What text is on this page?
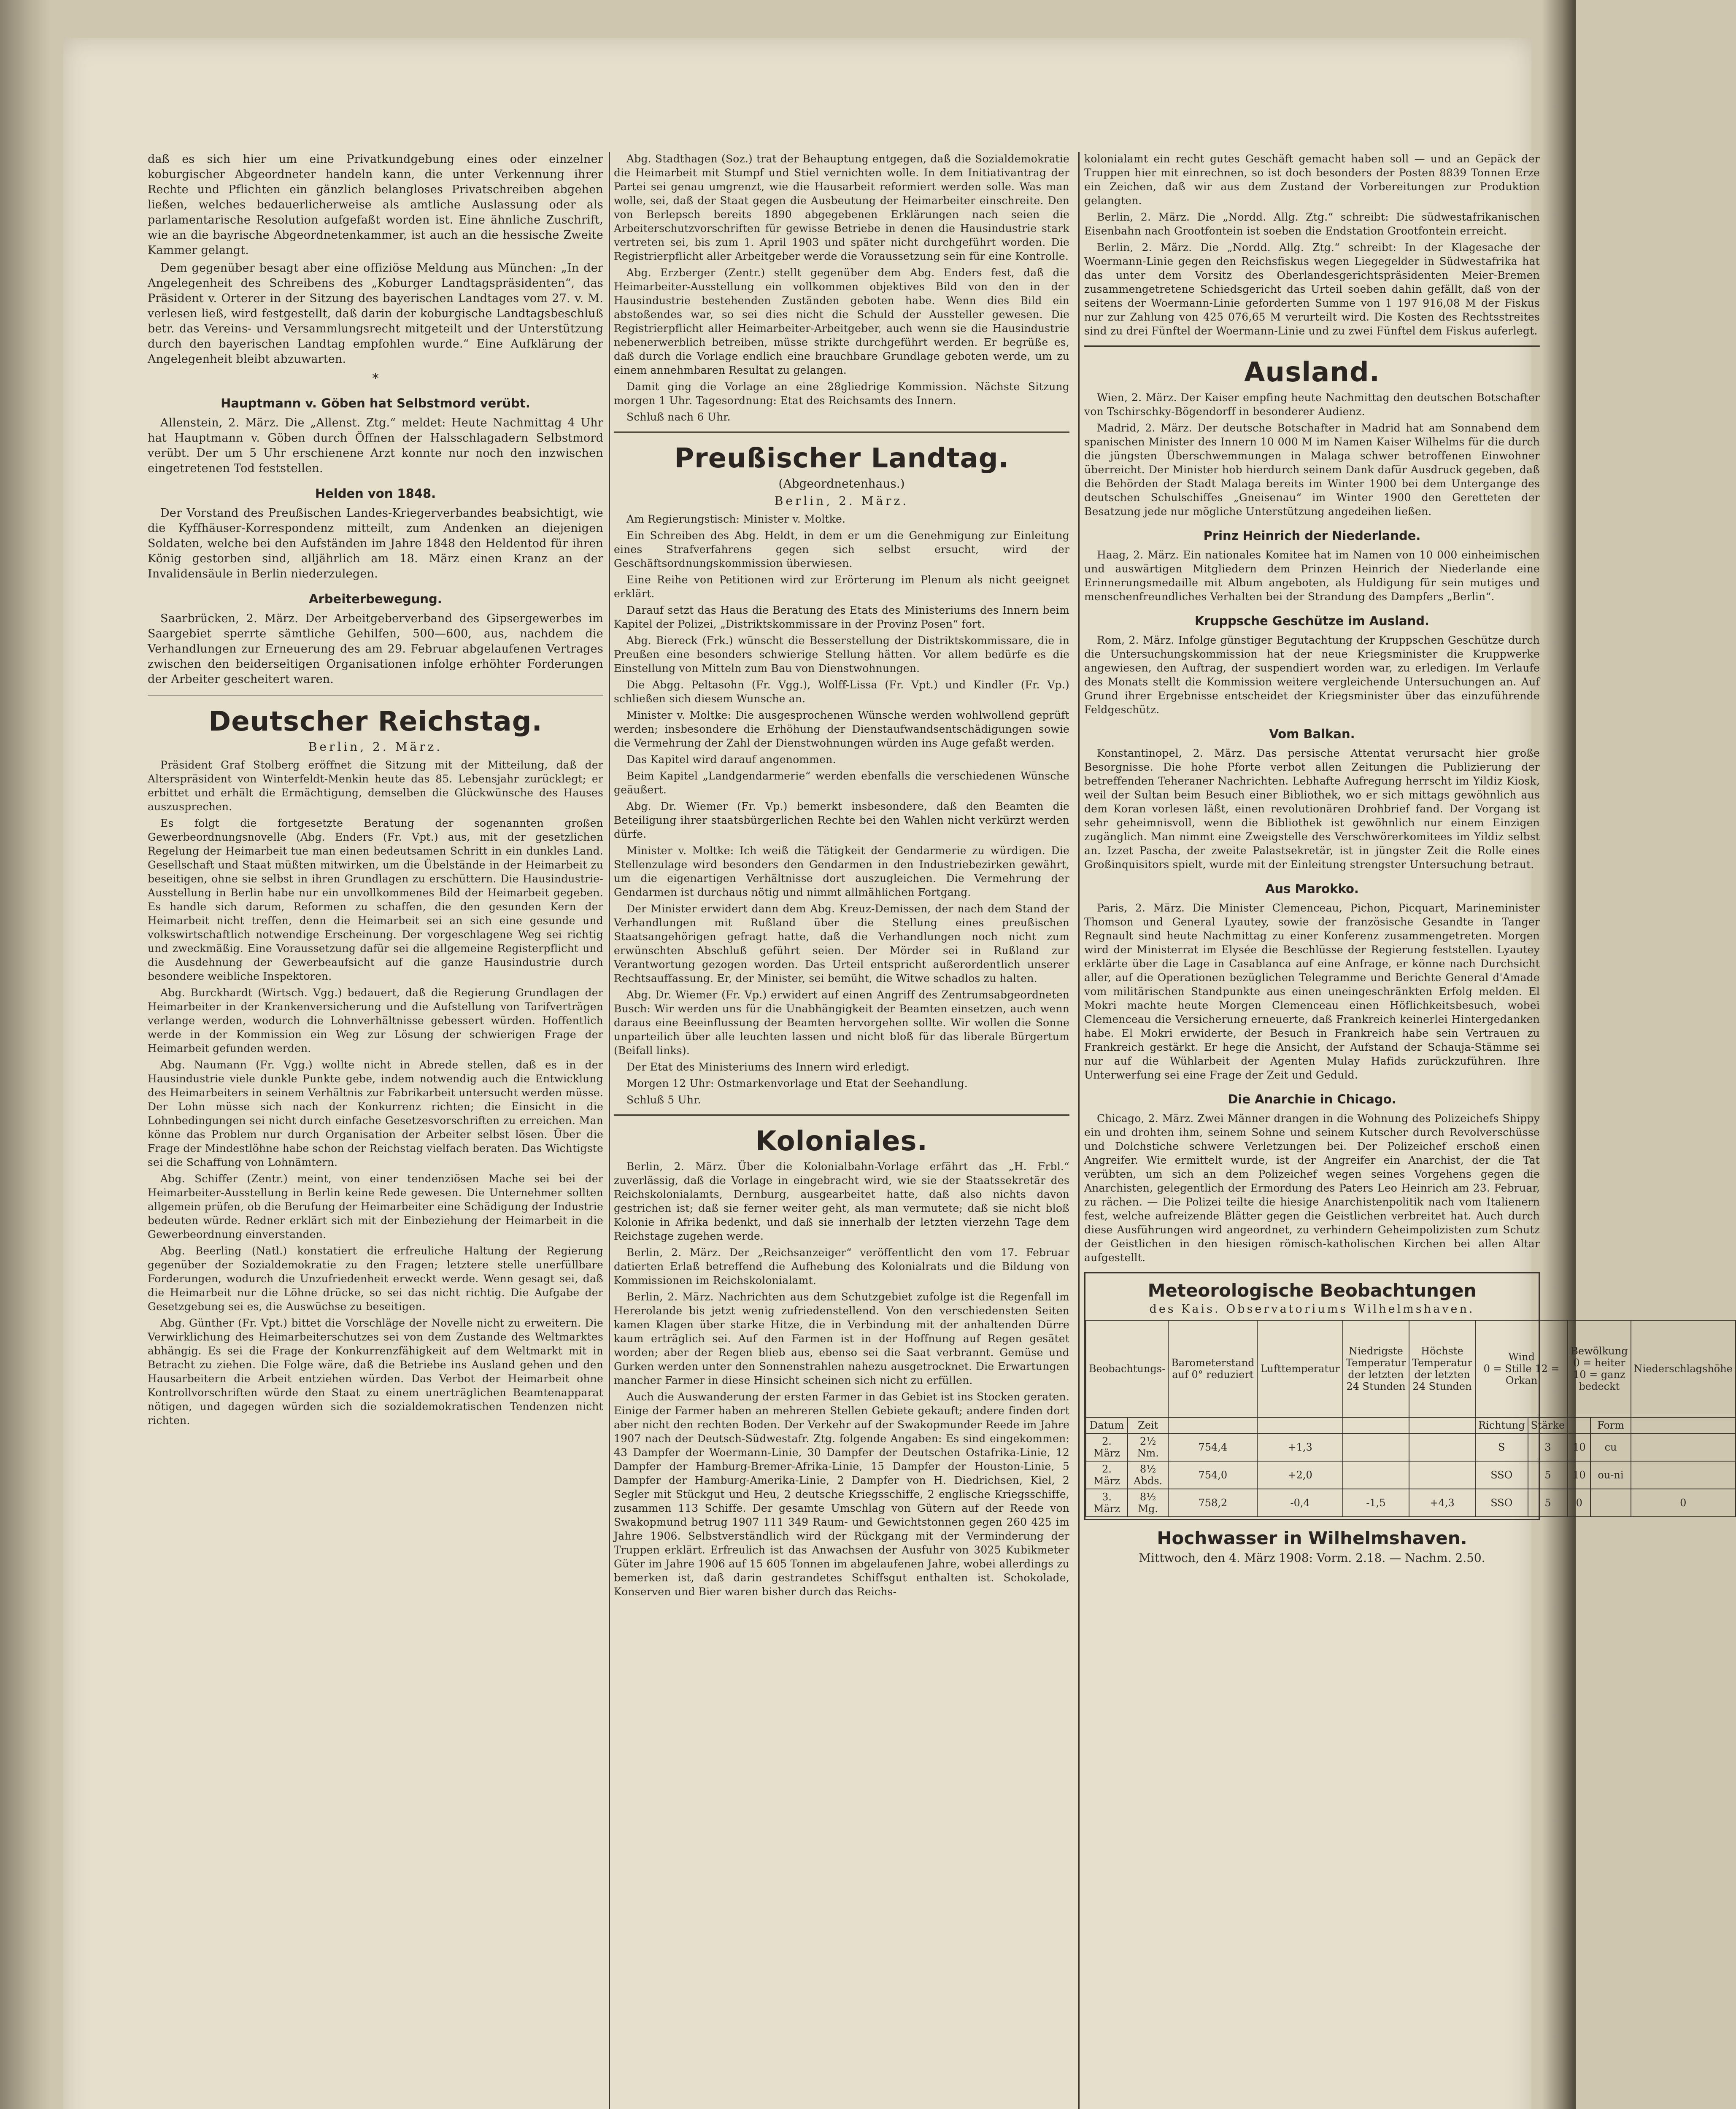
daß es sich hier um eine Privatkundgebung eines oder einzelner koburgischer Abgeordneter handeln kann, die unter Verkennung ihrer Rechte und Pflichten ein gänzlich belangloses Privatschreiben abgehen ließen, welches bedauerlicherweise als amtliche Auslassung oder als parlamentarische Resolution aufgefaßt worden ist. Eine ähnliche Zuschrift, wie an die bayrische Abgeordnetenkammer, ist auch an die hessische Zweite Kammer gelangt.

Dem gegenüber besagt aber eine offiziöse Meldung aus München: „In der Angelegenheit des Schreibens des „Koburger Landtagspräsidenten“, das Präsident v. Orterer in der Sitzung des bayerischen Landtages vom 27. v. M. verlesen ließ, wird festgestellt, daß darin der koburgische Landtagsbeschluß betr. das Vereins- und Versammlungsrecht mitgeteilt und der Unterstützung durch den bayerischen Landtag empfohlen wurde.“ Eine Aufklärung der Angelegenheit bleibt abzuwarten.

*
Hauptmann v. Göben hat Selbstmord verübt.

Allenstein, 2. März. Die „Allenst. Ztg.“ meldet: Heute Nachmittag 4 Uhr hat Hauptmann v. Göben durch Öffnen der Halsschlagadern Selbstmord verübt. Der um 5 Uhr erschienene Arzt konnte nur noch den inzwischen eingetretenen Tod feststellen.

Helden von 1848.

Der Vorstand des Preußischen Landes-Kriegerverbandes beabsichtigt, wie die Kyffhäuser-Korrespondenz mitteilt, zum Andenken an diejenigen Soldaten, welche bei den Aufständen im Jahre 1848 den Heldentod für ihren König gestorben sind, alljährlich am 18. März einen Kranz an der Invalidensäule in Berlin niederzulegen.

Arbeiterbewegung.

Saarbrücken, 2. März. Der Arbeitgeberverband des Gipsergewerbes im Saargebiet sperrte sämtliche Gehilfen, 500—600, aus, nachdem die Verhandlungen zur Erneuerung des am 29. Februar abgelaufenen Vertrages zwischen den beiderseitigen Organisationen infolge erhöhter Forderungen der Arbeiter gescheitert waren.

Deutscher Reichstag.
Berlin, 2. März.

Präsident Graf Stolberg eröffnet die Sitzung mit der Mitteilung, daß der Alterspräsident von Winterfeldt-Menkin heute das 85. Lebensjahr zurücklegt; er erbittet und erhält die Ermächtigung, demselben die Glückwünsche des Hauses auszusprechen.

Es folgt die fortgesetzte Beratung der sogenannten großen Gewerbeordnungsnovelle (Abg. Enders (Fr. Vpt.) aus, mit der gesetzlichen Regelung der Heimarbeit tue man einen bedeutsamen Schritt in ein dunkles Land. Gesellschaft und Staat müßten mitwirken, um die Übelstände in der Heimarbeit zu beseitigen, ohne sie selbst in ihren Grundlagen zu erschüttern. Die Hausindustrie-Ausstellung in Berlin habe nur ein unvollkommenes Bild der Heimarbeit gegeben. Es handle sich darum, Reformen zu schaffen, die den gesunden Kern der Heimarbeit nicht treffen, denn die Heimarbeit sei an sich eine gesunde und volkswirtschaftlich notwendige Erscheinung. Der vorgeschlagene Weg sei richtig und zweckmäßig. Eine Voraussetzung dafür sei die allgemeine Registerpflicht und die Ausdehnung der Gewerbeaufsicht auf die ganze Hausindustrie durch besondere weibliche Inspektoren.

Abg. Burckhardt (Wirtsch. Vgg.) bedauert, daß die Regierung Grundlagen der Heimarbeiter in der Krankenversicherung und die Aufstellung von Tarifverträgen verlange werden, wodurch die Lohnverhältnisse gebessert würden. Hoffentlich werde in der Kommission ein Weg zur Lösung der schwierigen Frage der Heimarbeit gefunden werden.

Abg. Naumann (Fr. Vgg.) wollte nicht in Abrede stellen, daß es in der Hausindustrie viele dunkle Punkte gebe, indem notwendig auch die Entwicklung des Heimarbeiters in seinem Verhältnis zur Fabrikarbeit untersucht werden müsse. Der Lohn müsse sich nach der Konkurrenz richten; die Einsicht in die Lohnbedingungen sei nicht durch einfache Gesetzesvorschriften zu erreichen. Man könne das Problem nur durch Organisation der Arbeiter selbst lösen. Über die Frage der Mindestlöhne habe schon der Reichstag vielfach beraten. Das Wichtigste sei die Schaffung von Lohnämtern.

Abg. Schiffer (Zentr.) meint, von einer tendenziösen Mache sei bei der Heimarbeiter-Ausstellung in Berlin keine Rede gewesen. Die Unternehmer sollten allgemein prüfen, ob die Berufung der Heimarbeiter eine Schädigung der Industrie bedeuten würde. Redner erklärt sich mit der Einbeziehung der Heimarbeit in die Gewerbeordnung einverstanden.

Abg. Beerling (Natl.) konstatiert die erfreuliche Haltung der Regierung gegenüber der Sozialdemokratie zu den Fragen; letztere stelle unerfüllbare Forderungen, wodurch die Unzufriedenheit erweckt werde. Wenn gesagt sei, daß die Heimarbeit nur die Löhne drücke, so sei das nicht richtig. Die Aufgabe der Gesetzgebung sei es, die Auswüchse zu beseitigen.

Abg. Günther (Fr. Vpt.) bittet die Vorschläge der Novelle nicht zu erweitern. Die Verwirklichung des Heimarbeiterschutzes sei von dem Zustande des Weltmarktes abhängig. Es sei die Frage der Konkurrenzfähigkeit auf dem Weltmarkt mit in Betracht zu ziehen. Die Folge wäre, daß die Betriebe ins Ausland gehen und den Hausarbeitern die Arbeit entziehen würden. Das Verbot der Heimarbeit ohne Kontrollvorschriften würde den Staat zu einem unerträglichen Beamtenapparat nötigen, und dagegen würden sich die sozialdemokratischen Tendenzen nicht richten.

Abg. Stadthagen (Soz.) trat der Behauptung entgegen, daß die Sozialdemokratie die Heimarbeit mit Stumpf und Stiel vernichten wolle. In dem Initiativantrag der Partei sei genau umgrenzt, wie die Hausarbeit reformiert werden solle. Was man wolle, sei, daß der Staat gegen die Ausbeutung der Heimarbeiter einschreite. Den von Berlepsch bereits 1890 abgegebenen Erklärungen nach seien die Arbeiterschutzvorschriften für gewisse Betriebe in denen die Hausindustrie stark vertreten sei, bis zum 1. April 1903 und später nicht durchgeführt worden. Die Registrierpflicht aller Arbeitgeber werde die Voraussetzung sein für eine Kontrolle.

Abg. Erzberger (Zentr.) stellt gegenüber dem Abg. Enders fest, daß die Heimarbeiter-Ausstellung ein vollkommen objektives Bild von den in der Hausindustrie bestehenden Zuständen geboten habe. Wenn dies Bild ein abstoßendes war, so sei dies nicht die Schuld der Aussteller gewesen. Die Registrierpflicht aller Heimarbeiter-Arbeitgeber, auch wenn sie die Hausindustrie nebenerwerblich betreiben, müsse strikte durchgeführt werden. Er begrüße es, daß durch die Vorlage endlich eine brauchbare Grundlage geboten werde, um zu einem annehmbaren Resultat zu gelangen.

Damit ging die Vorlage an eine 28gliedrige Kommission. Nächste Sitzung morgen 1 Uhr. Tagesordnung: Etat des Reichsamts des Innern.

Schluß nach 6 Uhr.

Preußischer Landtag.
(Abgeordnetenhaus.)
Berlin, 2. März.

Am Regierungstisch: Minister v. Moltke.

Ein Schreiben des Abg. Heldt, in dem er um die Genehmigung zur Einleitung eines Strafverfahrens gegen sich selbst ersucht, wird der Geschäftsordnungskommission überwiesen.

Eine Reihe von Petitionen wird zur Erörterung im Plenum als nicht geeignet erklärt.

Darauf setzt das Haus die Beratung des Etats des Ministeriums des Innern beim Kapitel der Polizei, „Distriktskommissare in der Provinz Posen“ fort.

Abg. Biereck (Frk.) wünscht die Besserstellung der Distriktskommissare, die in Preußen eine besonders schwierige Stellung hätten. Vor allem bedürfe es die Einstellung von Mitteln zum Bau von Dienstwohnungen.

Die Abgg. Peltasohn (Fr. Vgg.), Wolff-Lissa (Fr. Vpt.) und Kindler (Fr. Vp.) schließen sich diesem Wunsche an.

Minister v. Moltke: Die ausgesprochenen Wünsche werden wohlwollend geprüft werden; insbesondere die Erhöhung der Dienstaufwandsentschädigungen sowie die Vermehrung der Zahl der Dienstwohnungen würden ins Auge gefaßt werden.

Das Kapitel wird darauf angenommen.

Beim Kapitel „Landgendarmerie“ werden ebenfalls die verschiedenen Wünsche geäußert.

Abg. Dr. Wiemer (Fr. Vp.) bemerkt insbesondere, daß den Beamten die Beteiligung ihrer staatsbürgerlichen Rechte bei den Wahlen nicht verkürzt werden dürfe.

Minister v. Moltke: Ich weiß die Tätigkeit der Gendarmerie zu würdigen. Die Stellenzulage wird besonders den Gendarmen in den Industriebezirken gewährt, um die eigenartigen Verhältnisse dort auszugleichen. Die Vermehrung der Gendarmen ist durchaus nötig und nimmt allmählichen Fortgang.

Der Minister erwidert dann dem Abg. Kreuz-Demissen, der nach dem Stand der Verhandlungen mit Rußland über die Stellung eines preußischen Staatsangehörigen gefragt hatte, daß die Verhandlungen noch nicht zum erwünschten Abschluß geführt seien. Der Mörder sei in Rußland zur Verantwortung gezogen worden. Das Urteil entspricht außerordentlich unserer Rechtsauffassung. Er, der Minister, sei bemüht, die Witwe schadlos zu halten.

Abg. Dr. Wiemer (Fr. Vp.) erwidert auf einen Angriff des Zentrumsabgeordneten Busch: Wir werden uns für die Unabhängigkeit der Beamten einsetzen, auch wenn daraus eine Beeinflussung der Beamten hervorgehen sollte. Wir wollen die Sonne unparteilich über alle leuchten lassen und nicht bloß für das liberale Bürgertum (Beifall links).

Der Etat des Ministeriums des Innern wird erledigt.

Morgen 12 Uhr: Ostmarkenvorlage und Etat der Seehandlung.

Schluß 5 Uhr.

Koloniales.

Berlin, 2. März. Über die Kolonialbahn-Vorlage erfährt das „H. Frbl.“ zuverlässig, daß die Vorlage in eingebracht wird, wie sie der Staatssekretär des Reichskolonialamts, Dernburg, ausgearbeitet hatte, daß also nichts davon gestrichen ist; daß sie ferner weiter geht, als man vermutete; daß sie nicht bloß Kolonie in Afrika bedenkt, und daß sie innerhalb der letzten vierzehn Tage dem Reichstage zugehen werde.

Berlin, 2. März. Der „Reichsanzeiger“ veröffentlicht den vom 17. Februar datierten Erlaß betreffend die Aufhebung des Kolonialrats und die Bildung von Kommissionen im Reichskolonialamt.

Berlin, 2. März. Nachrichten aus dem Schutzgebiet zufolge ist die Regenfall im Hererolande bis jetzt wenig zufriedenstellend. Von den verschiedensten Seiten kamen Klagen über starke Hitze, die in Verbindung mit der anhaltenden Dürre kaum erträglich sei. Auf den Farmen ist in der Hoffnung auf Regen gesätet worden; aber der Regen blieb aus, ebenso sei die Saat verbrannt. Gemüse und Gurken werden unter den Sonnenstrahlen nahezu ausgetrocknet. Die Erwartungen mancher Farmer in diese Hinsicht scheinen sich nicht zu erfüllen.

Auch die Auswanderung der ersten Farmer in das Gebiet ist ins Stocken geraten. Einige der Farmer haben an mehreren Stellen Gebiete gekauft; andere finden dort aber nicht den rechten Boden. Der Verkehr auf der Swakopmunder Reede im Jahre 1907 nach der Deutsch-Südwestafr. Ztg. folgende Angaben: Es sind eingekommen: 43 Dampfer der Woermann-Linie, 30 Dampfer der Deutschen Ostafrika-Linie, 12 Dampfer der Hamburg-Bremer-Afrika-Linie, 15 Dampfer der Houston-Linie, 5 Dampfer der Hamburg-Amerika-Linie, 2 Dampfer von H. Diedrichsen, Kiel, 2 Segler mit Stückgut und Heu, 2 deutsche Kriegsschiffe, 2 englische Kriegsschiffe, zusammen 113 Schiffe. Der gesamte Umschlag von Gütern auf der Reede von Swakopmund betrug 1907 111 349 Raum- und Gewichtstonnen gegen 260 425 im Jahre 1906. Selbstverständlich wird der Rückgang mit der Verminderung der Truppen erklärt. Erfreulich ist das Anwachsen der Ausfuhr von 3025 Kubikmeter Güter im Jahre 1906 auf 15 605 Tonnen im abgelaufenen Jahre, wobei allerdings zu bemerken ist, daß darin gestrandetes Schiffsgut enthalten ist. Schokolade, Konserven und Bier waren bisher durch das Reichs-

kolonialamt ein recht gutes Geschäft gemacht haben soll — und an Gepäck der Truppen hier mit einrechnen, so ist doch besonders der Posten 8839 Tonnen Erze ein Zeichen, daß wir aus dem Zustand der Vorbereitungen zur Produktion gelangten.

Berlin, 2. März. Die „Nordd. Allg. Ztg.“ schreibt: Die südwestafrikanischen Eisenbahn nach Grootfontein ist soeben die Endstation Grootfontein erreicht.

Berlin, 2. März. Die „Nordd. Allg. Ztg.“ schreibt: In der Klagesache der Woermann-Linie gegen den Reichsfiskus wegen Liegegelder in Südwestafrika hat das unter dem Vorsitz des Oberlandesgerichtspräsidenten Meier-Bremen zusammengetretene Schiedsgericht das Urteil soeben dahin gefällt, daß von der seitens der Woermann-Linie geforderten Summe von 1 197 916,08 M der Fiskus nur zur Zahlung von 425 076,65 M verurteilt wird. Die Kosten des Rechtsstreites sind zu drei Fünftel der Woermann-Linie und zu zwei Fünftel dem Fiskus auferlegt.

Ausland.

Wien, 2. März. Der Kaiser empfing heute Nachmittag den deutschen Botschafter von Tschirschky-Bögendorff in besonderer Audienz.

Madrid, 2. März. Der deutsche Botschafter in Madrid hat am Sonnabend dem spanischen Minister des Innern 10 000 M im Namen Kaiser Wilhelms für die durch die jüngsten Überschwemmungen in Malaga schwer betroffenen Einwohner überreicht. Der Minister hob hierdurch seinem Dank dafür Ausdruck gegeben, daß die Behörden der Stadt Malaga bereits im Winter 1900 bei dem Untergange des deutschen Schulschiffes „Gneisenau“ im Winter 1900 den Geretteten der Besatzung jede nur mögliche Unterstützung angedeihen ließen.

Prinz Heinrich der Niederlande.

Haag, 2. März. Ein nationales Komitee hat im Namen von 10 000 einheimischen und auswärtigen Mitgliedern dem Prinzen Heinrich der Niederlande eine Erinnerungsmedaille mit Album angeboten, als Huldigung für sein mutiges und menschenfreundliches Verhalten bei der Strandung des Dampfers „Berlin“.

Kruppsche Geschütze im Ausland.

Rom, 2. März. Infolge günstiger Begutachtung der Kruppschen Geschütze durch die Untersuchungskommission hat der neue Kriegsminister die Kruppwerke angewiesen, den Auftrag, der suspendiert worden war, zu erledigen. Im Verlaufe des Monats stellt die Kommission weitere vergleichende Untersuchungen an. Auf Grund ihrer Ergebnisse entscheidet der Kriegsminister über das einzuführende Feldgeschütz.

Vom Balkan.

Konstantinopel, 2. März. Das persische Attentat verursacht hier große Besorgnisse. Die hohe Pforte verbot allen Zeitungen die Publizierung der betreffenden Teheraner Nachrichten. Lebhafte Aufregung herrscht im Yildiz Kiosk, weil der Sultan beim Besuch einer Bibliothek, wo er sich mittags gewöhnlich aus dem Koran vorlesen läßt, einen revolutionären Drohbrief fand. Der Vorgang ist sehr geheimnisvoll, wenn die Bibliothek ist gewöhnlich nur einem Einzigen zugänglich. Man nimmt eine Zweigstelle des Verschwörerkomitees im Yildiz selbst an. Izzet Pascha, der zweite Palastsekretär, ist in jüngster Zeit die Rolle eines Großinquisitors spielt, wurde mit der Einleitung strengster Untersuchung betraut.

Aus Marokko.

Paris, 2. März. Die Minister Clemenceau, Pichon, Picquart, Marineminister Thomson und General Lyautey, sowie der französische Gesandte in Tanger Regnault sind heute Nachmittag zu einer Konferenz zusammengetreten. Morgen wird der Ministerrat im Elysée die Beschlüsse der Regierung feststellen. Lyautey erklärte über die Lage in Casablanca auf eine Anfrage, er könne nach Durchsicht aller, auf die Operationen bezüglichen Telegramme und Berichte General d'Amade vom militärischen Standpunkte aus einen uneingeschränkten Erfolg melden. El Mokri machte heute Morgen Clemenceau einen Höflichkeitsbesuch, wobei Clemenceau die Versicherung erneuerte, daß Frankreich keinerlei Hintergedanken habe. El Mokri erwiderte, der Besuch in Frankreich habe sein Vertrauen zu Frankreich gestärkt. Er hege die Ansicht, der Aufstand der Schauja-Stämme sei nur auf die Wühlarbeit der Agenten Mulay Hafids zurückzuführen. Ihre Unterwerfung sei eine Frage der Zeit und Geduld.

Die Anarchie in Chicago.

Chicago, 2. März. Zwei Männer drangen in die Wohnung des Polizeichefs Shippy ein und drohten ihm, seinem Sohne und seinem Kutscher durch Revolverschüsse und Dolchstiche schwere Verletzungen bei. Der Polizeichef erschoß einen Angreifer. Wie ermittelt wurde, ist der Angreifer ein Anarchist, der die Tat verübten, um sich an dem Polizeichef wegen seines Vorgehens gegen die Anarchisten, gelegentlich der Ermordung des Paters Leo Heinrich am 23. Februar, zu rächen. — Die Polizei teilte die hiesige Anarchistenpolitik nach vom Italienern fest, welche aufreizende Blätter gegen die Geistlichen verbreitet hat. Auch durch diese Ausführungen wird angeordnet, zu verhindern Geheimpolizisten zum Schutz der Geistlichen in den hiesigen römisch-katholischen Kirchen bei allen Altar aufgestellt.

Meteorologische Beobachtungen
des Kais. Observatoriums Wilhelmshaven.
Beobachtungs-		Barometerstand auf 0° reduziert	Lufttemperatur	Niedrigste Temperatur der letzten 24 Stunden	Höchste Temperatur der letzten 24 Stunden	Wind
0 = Stille 12 = Orkan		Bewölkung 0 = heiter 10 = ganz bedeckt		Niederschlagshöhe
Datum	Zeit					Richtung	Stärke		Form	
2. März	2½ Nm.	754,4	+1,3			S	3	10	cu	
2. März	8½ Abds.	754,0	+2,0			SSO	5	10	ou-ni	
3. März	8½ Mg.	758,2	-0,4	-1,5	+4,3	SSO	5	0		0
Hochwasser in Wilhelmshaven.
Mittwoch, den 4. März 1908: Vorm. 2.18. — Nachm. 2.50.
